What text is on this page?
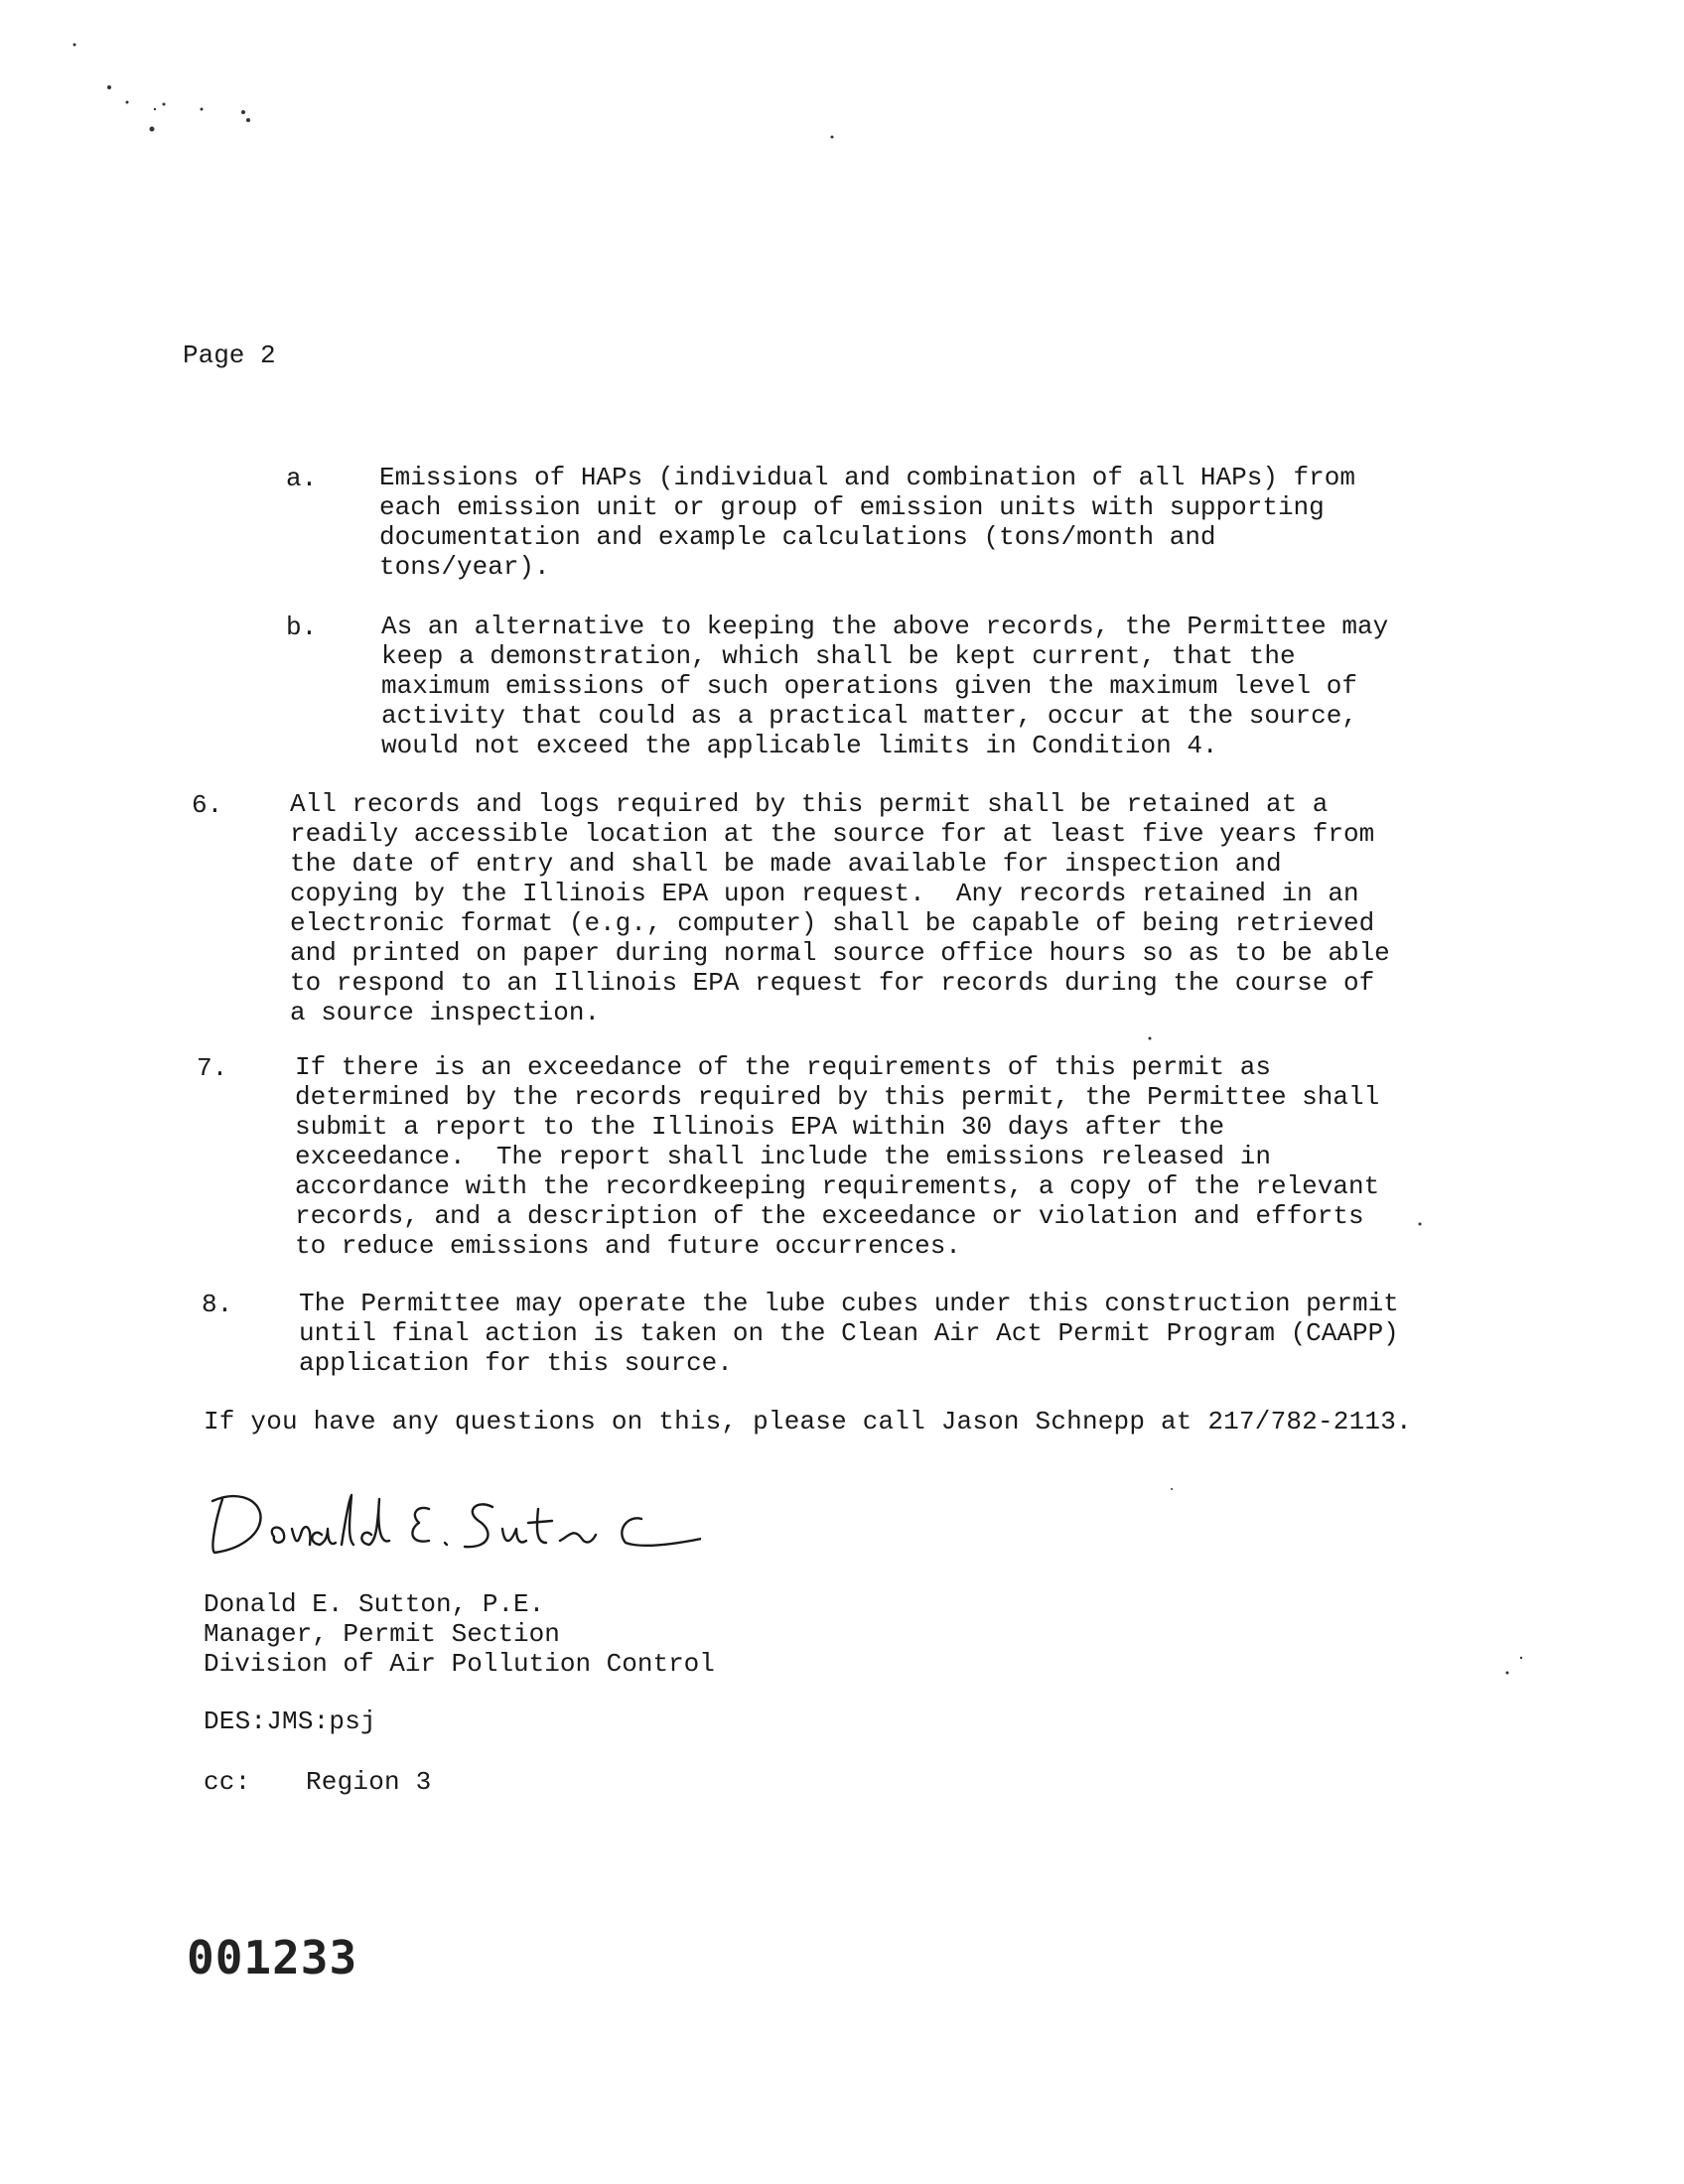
Page 2
a. Emissions of HAPs (individual and combination of all HAPs) from
each emission unit or group of emission units with supporting
documentation and example calculations (tons/month and
tons/year).
b. As an alternative to keeping the above records, the Permittee may
keep a demonstration, which shall be kept current, that the
maximum emissions of such operations given the maximum level of
activity that could as a practical matter, occur at the source,
would not exceed the applicable limits in Condition 4.
6.	All records and logs required by this permit shall be retained at a
readily accessible location at the source for at least five years from
the date of entry and shall be made available for inspection and
copying by the Illinois EPA upon request.  Any records retained in an
electronic format (e.g., computer) shall be capable of being retrieved
and printed on paper during normal source office hours so as to be able
to respond to an Illinois EPA request for records during the course of
a source inspection.
7.	If there is an exceedance of the requirements of this permit as
determined by the records required by this permit, the Permittee shall
submit a report to the Illinois EPA within 30 days after the
exceedance.  The report shall include the emissions released in
accordance with the recordkeeping requirements, a copy of the relevant
records, and a description of the exceedance or violation and efforts
to reduce emissions and future occurrences.
8.	The Permittee may operate the lube cubes under this construction permit
until final action is taken on the Clean Air Act Permit Program (CAAPP)
application for this source.
If you have any questions on this, please call Jason Schnepp at 217/782-2113.
Donald E. Sutton, P.E.
Manager, Permit Section
Division of Air Pollution Control
DES:JMS:psj
cc: Region 3
001233
